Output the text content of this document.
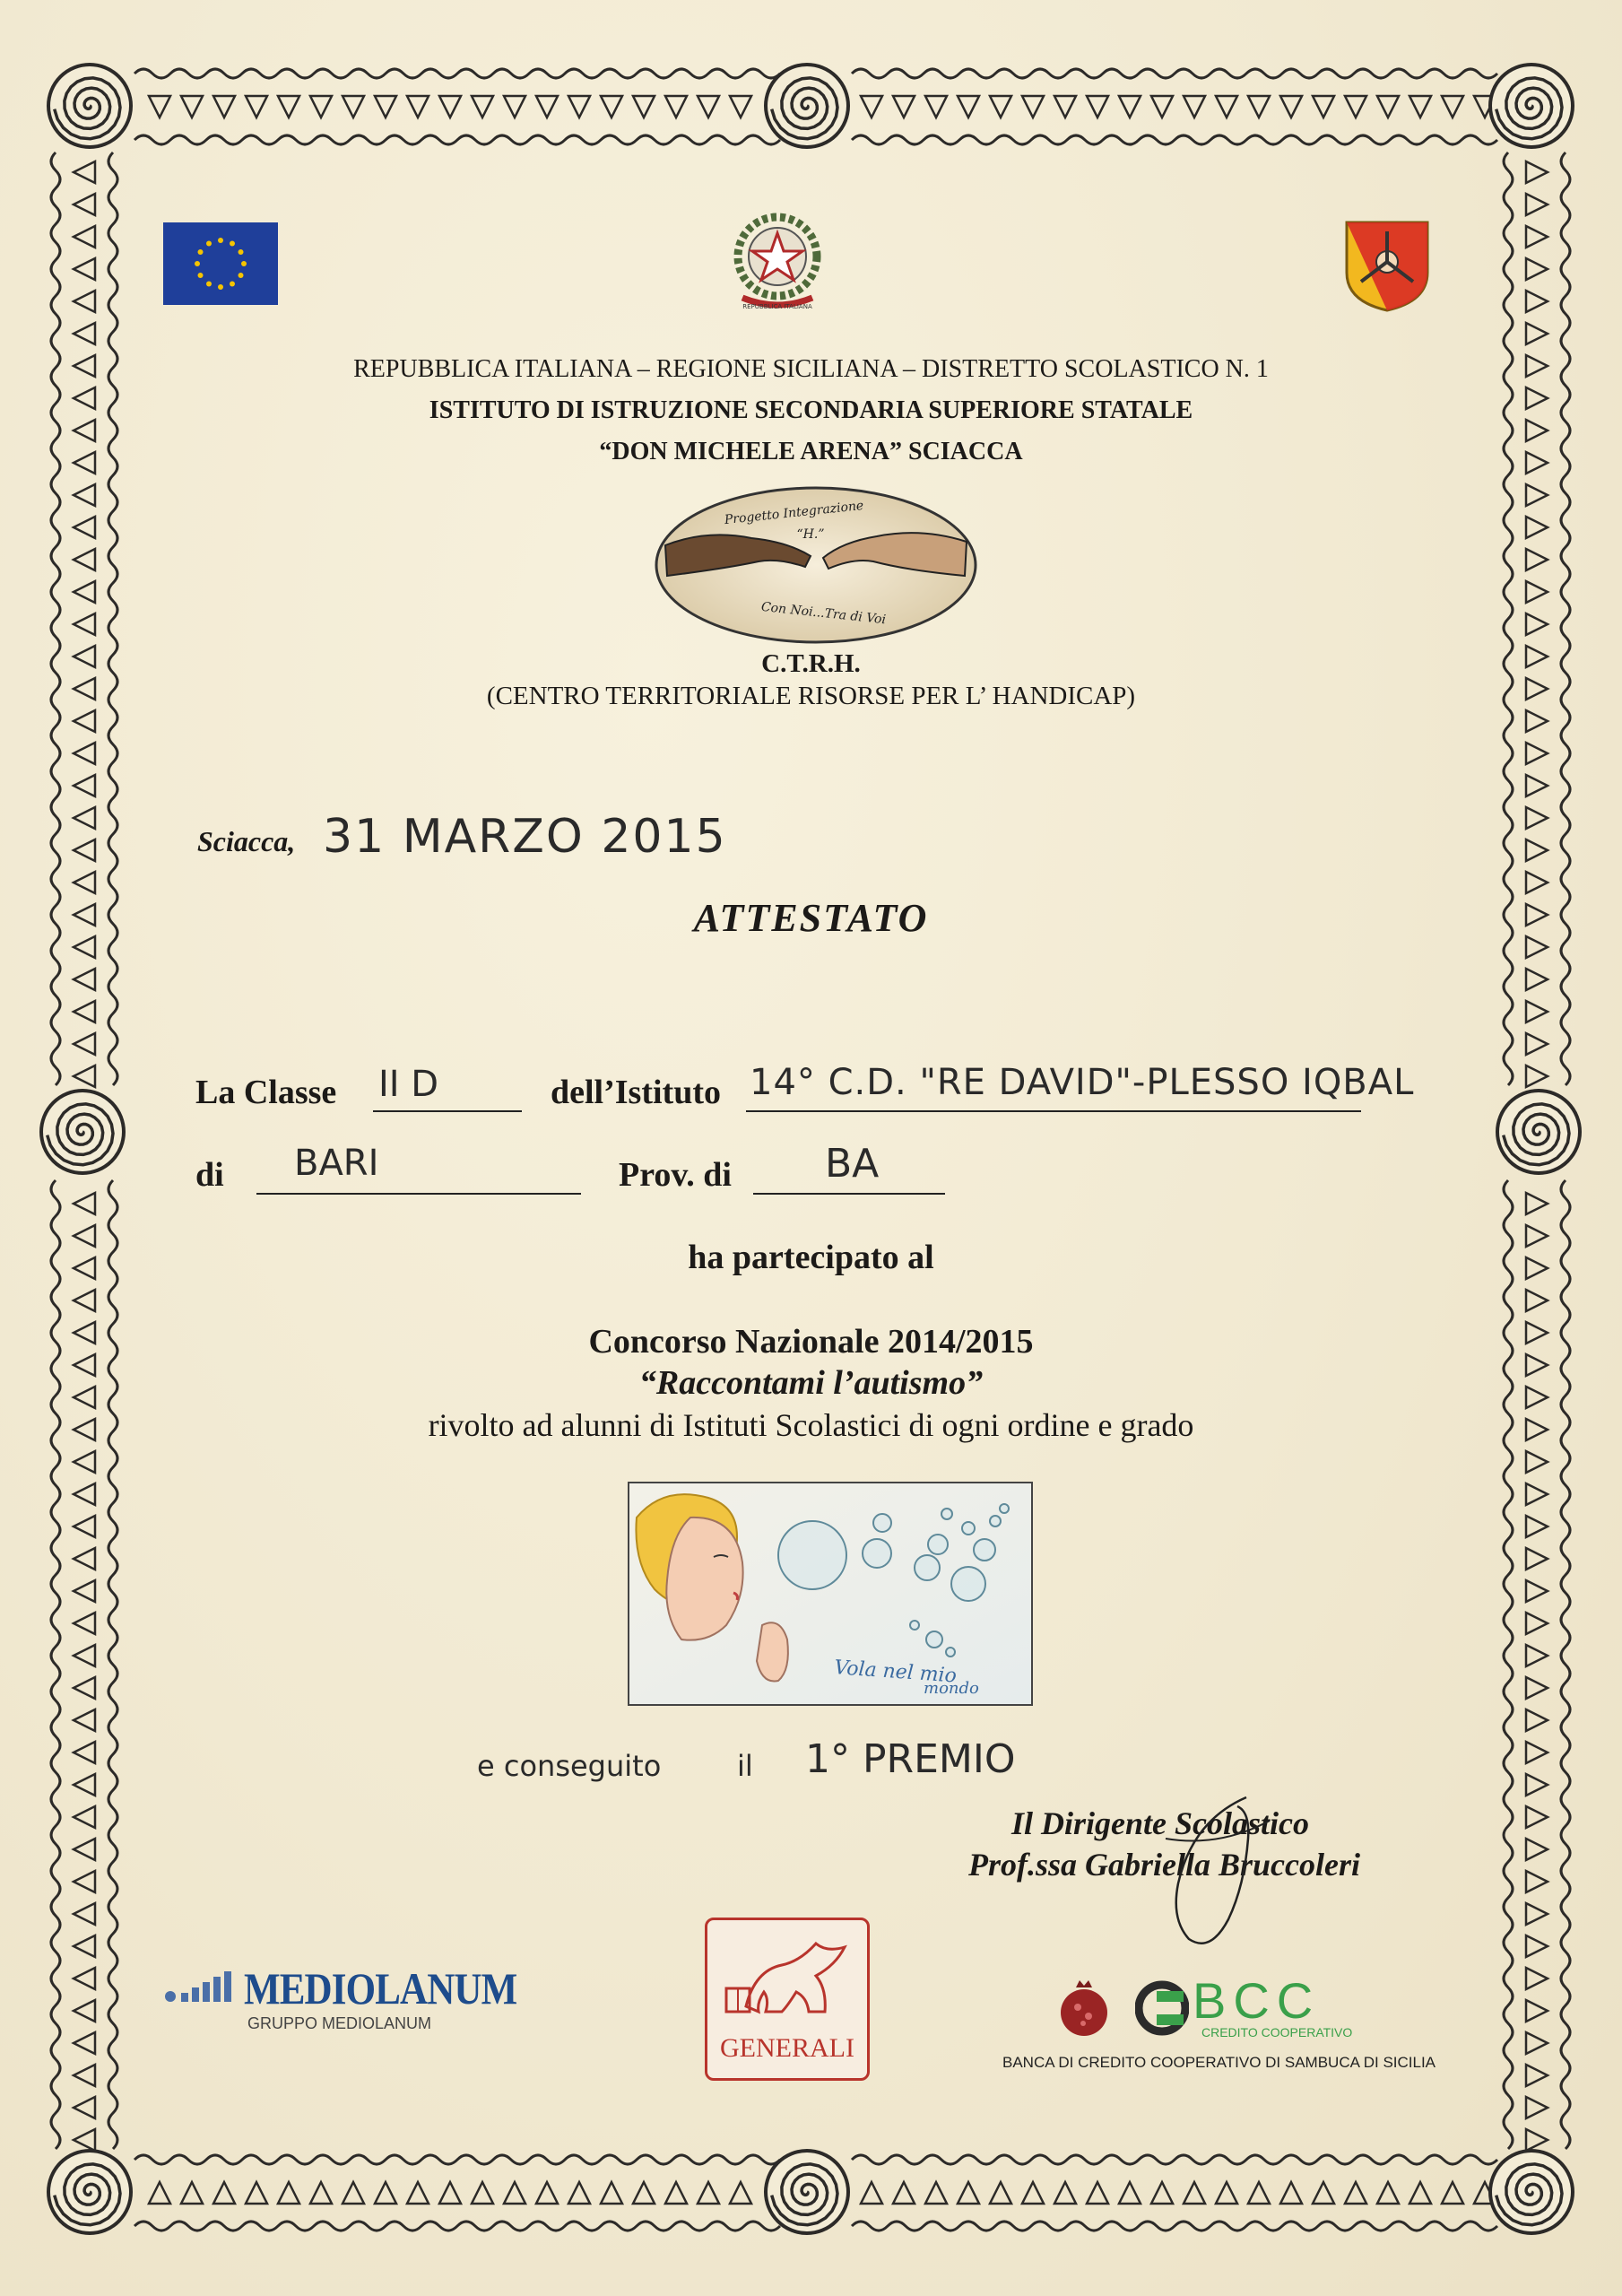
REPUBBLICA ITALIANA
REPUBBLICA ITALIANA – REGIONE SICILIANA – DISTRETTO SCOLASTICO N. 1
ISTITUTO DI ISTRUZIONE SECONDARIA SUPERIORE STATALE
“DON MICHELE ARENA” SCIACCA
Progetto Integrazione
“H.”
Con Noi...Tra di Voi
C.T.R.H.
(CENTRO TERRITORIALE RISORSE PER L’ HANDICAP)
Sciacca, 31 MARZO 2015
ATTESTATO
La Classe II D	dell’Istituto 14° C.D. "RE DAVID"-PLESSO IQBAL
di BARI	Prov. di BA
ha partecipato al
Concorso Nazionale 2014/2015
“Raccontami l’autismo”
rivolto ad alunni di Istituti Scolastici di ogni ordine e grado
Vola nel mio
mondo
e conseguito	il 1° PREMIO
Il Dirigente Scolastico
Prof.ssa Gabriella Bruccoleri
MEDIOLANUM
GRUPPO MEDIOLANUM
GENERALI
BCC
CREDITO COOPERATIVO
BANCA DI CREDITO COOPERATIVO DI SAMBUCA DI SICILIA
